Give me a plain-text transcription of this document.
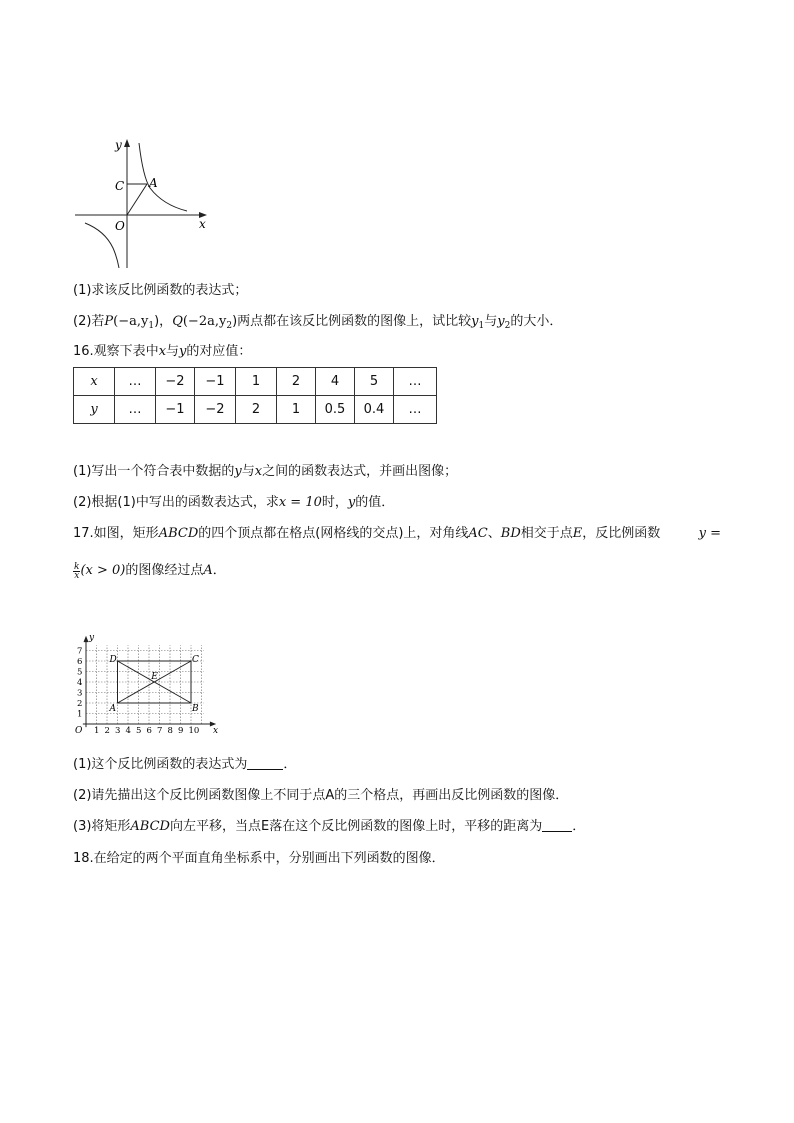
y
x
O
C A
(1)求该反比例函数的表达式；
(2)若$P(-a,y_1)$，$Q(-2a,y_2)$两点都在该反比例函数的图像上，试比较$y_1$与$y_2$的大小．
16.观察下表中x与y的对应值：
x	…	−2	−1	1	2	4	5	…
y	…	−1	−2	2	1	0.5	0.4	…
(1)写出一个符合表中数据的y与x之间的函数表达式，并画出图像；
(2)根据(1)中写出的函数表达式，求x = 10时，y的值．
17.如图，矩形ABCD的四个顶点都在格点(网格线的交点)上，对角线AC、BD相交于点E，反比例函数	y =
$\frac{k}{x} (x > 0)$的图像经过点A．
1 2 3 4 5 6 7 8 9 10
1
2
3
4
5
6
7
O	x
y
A	B
C
D
E
(1)这个反比例函数的表达式为	．
(2)请先描出这个反比例函数图像上不同于点A的三个格点，再画出反比例函数的图像．
(3)将矩形ABCD向左平移，当点E落在这个反比例函数的图像上时，平移的距离为 ．
18.在给定的两个平面直角坐标系中，分别画出下列函数的图像．
